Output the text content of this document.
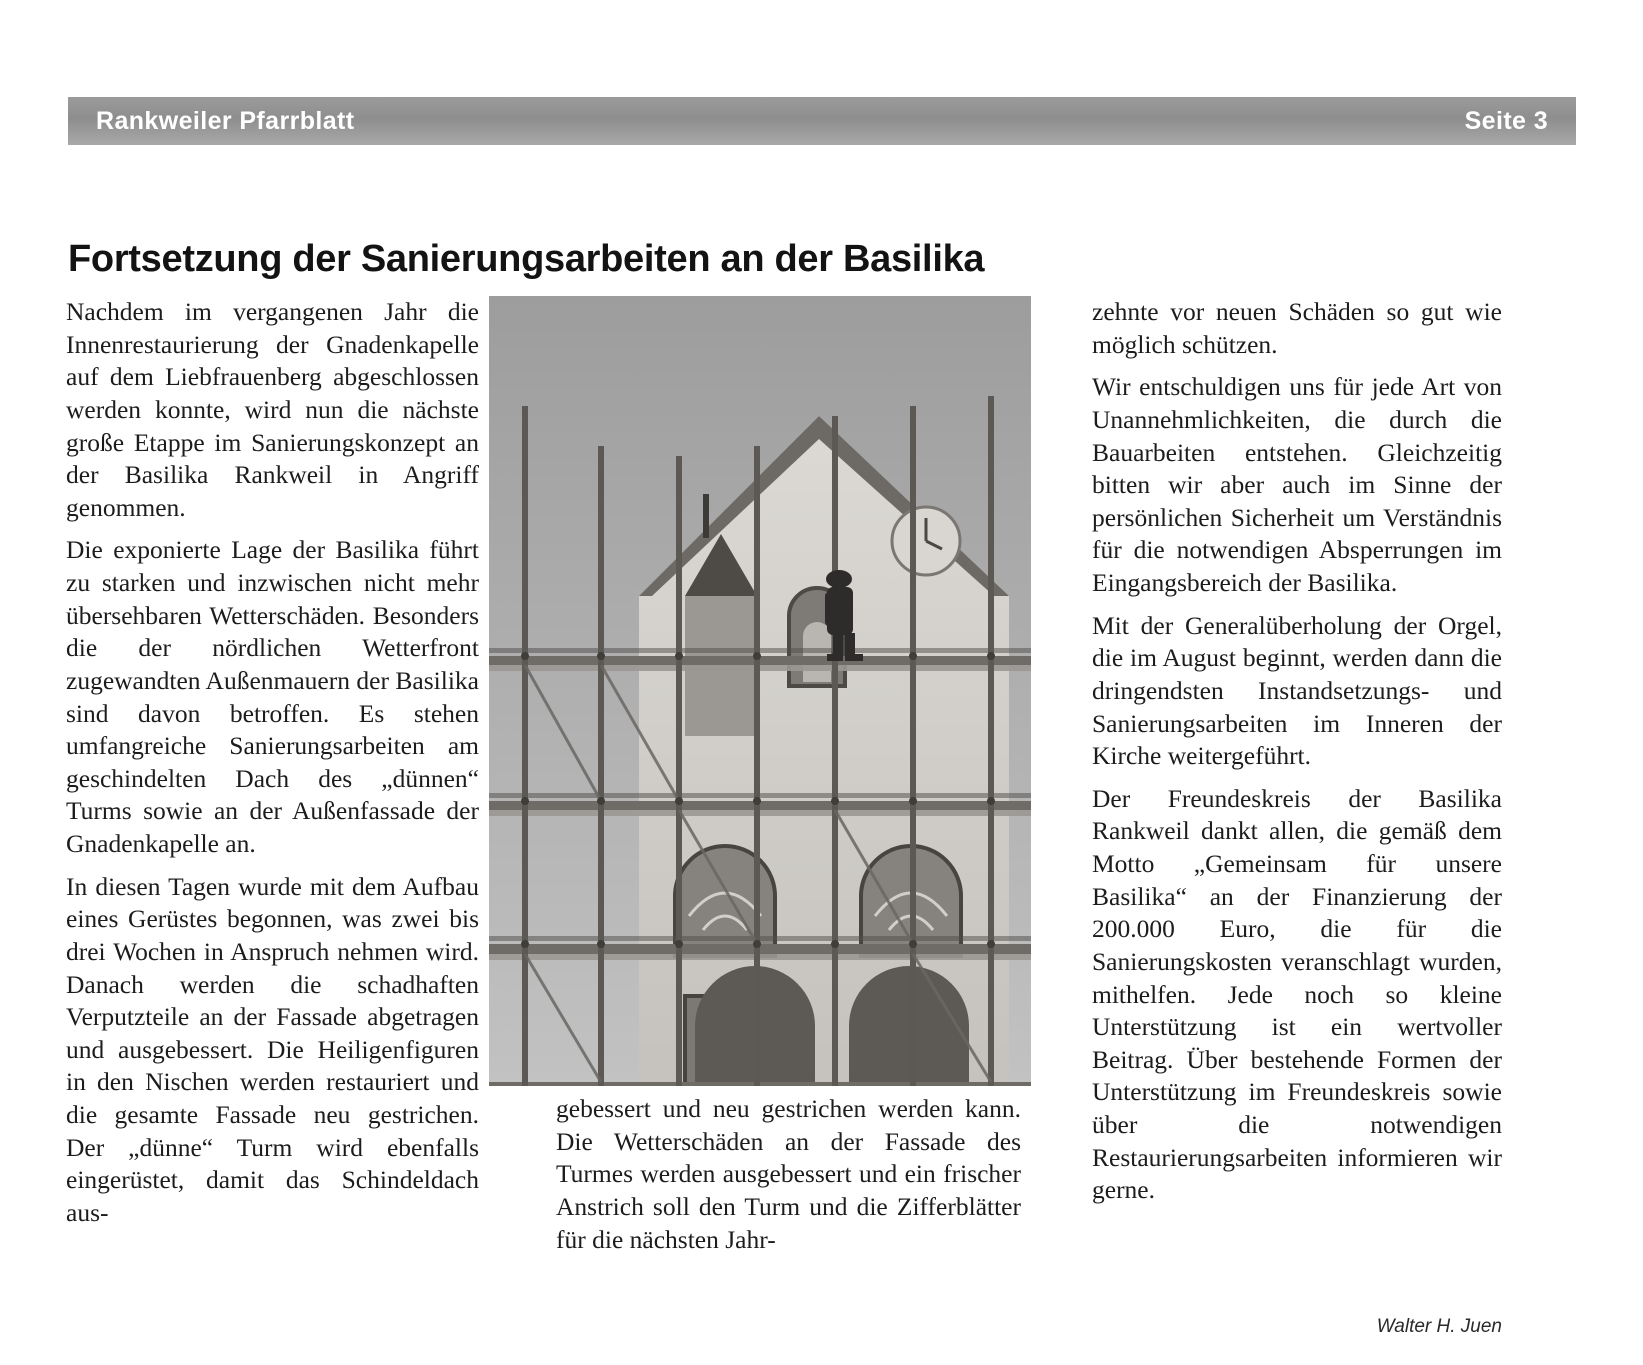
Rankweiler Pfarrblatt	Seite 3
Fortsetzung der Sanierungsarbeiten an der Basilika

Nachdem im vergangenen Jahr die Innenrestaurierung der Gnadenkapelle auf dem Liebfrauenberg abgeschlossen werden konnte, wird nun die nächste große Etappe im Sanierungskonzept an der Basilika Rankweil in Angriff genommen.

Die exponierte Lage der Basilika führt zu starken und inzwischen nicht mehr übersehbaren Wetterschäden. Besonders die der nördlichen Wetterfront zugewandten Außenmauern der Basilika sind davon betroffen. Es stehen umfangreiche Sanierungsarbeiten am geschindelten Dach des „dünnen“ Turms sowie an der Außenfassade der Gnadenkapelle an.

In diesen Tagen wurde mit dem Aufbau eines Gerüstes begonnen, was zwei bis drei Wochen in Anspruch nehmen wird. Danach werden die schadhaften Verputzteile an der Fassade abgetragen und ausgebessert. Die Heiligenfiguren in den Nischen werden restauriert und die gesamte Fassade neu gestrichen. Der „dünne“ Turm wird ebenfalls eingerüstet, damit das Schindeldach aus-

gebessert und neu gestrichen werden kann. Die Wetterschäden an der Fassade des Turmes werden ausgebessert und ein frischer Anstrich soll den Turm und die Zifferblätter für die nächsten Jahr-

zehnte vor neuen Schäden so gut wie möglich schützen.

Wir entschuldigen uns für jede Art von Unannehmlichkeiten, die durch die Bauarbeiten entstehen. Gleichzeitig bitten wir aber auch im Sinne der persönlichen Sicherheit um Verständnis für die notwendigen Absperrungen im Eingangsbereich der Basilika.

Mit der Generalüberholung der Orgel, die im August beginnt, werden dann die dringendsten Instandsetzungs- und Sanierungsarbeiten im Inneren der Kirche weitergeführt.

Der Freundeskreis der Basilika Rankweil dankt allen, die gemäß dem Motto „Gemeinsam für unsere Basilika“ an der Finanzierung der 200.000 Euro, die für die Sanierungskosten veranschlagt wurden, mithelfen. Jede noch so kleine Unterstützung ist ein wertvoller Beitrag. Über bestehende Formen der Unterstützung im Freundeskreis sowie über die notwendigen Restaurierungsarbeiten informieren wir gerne.

Walter H. Juen
